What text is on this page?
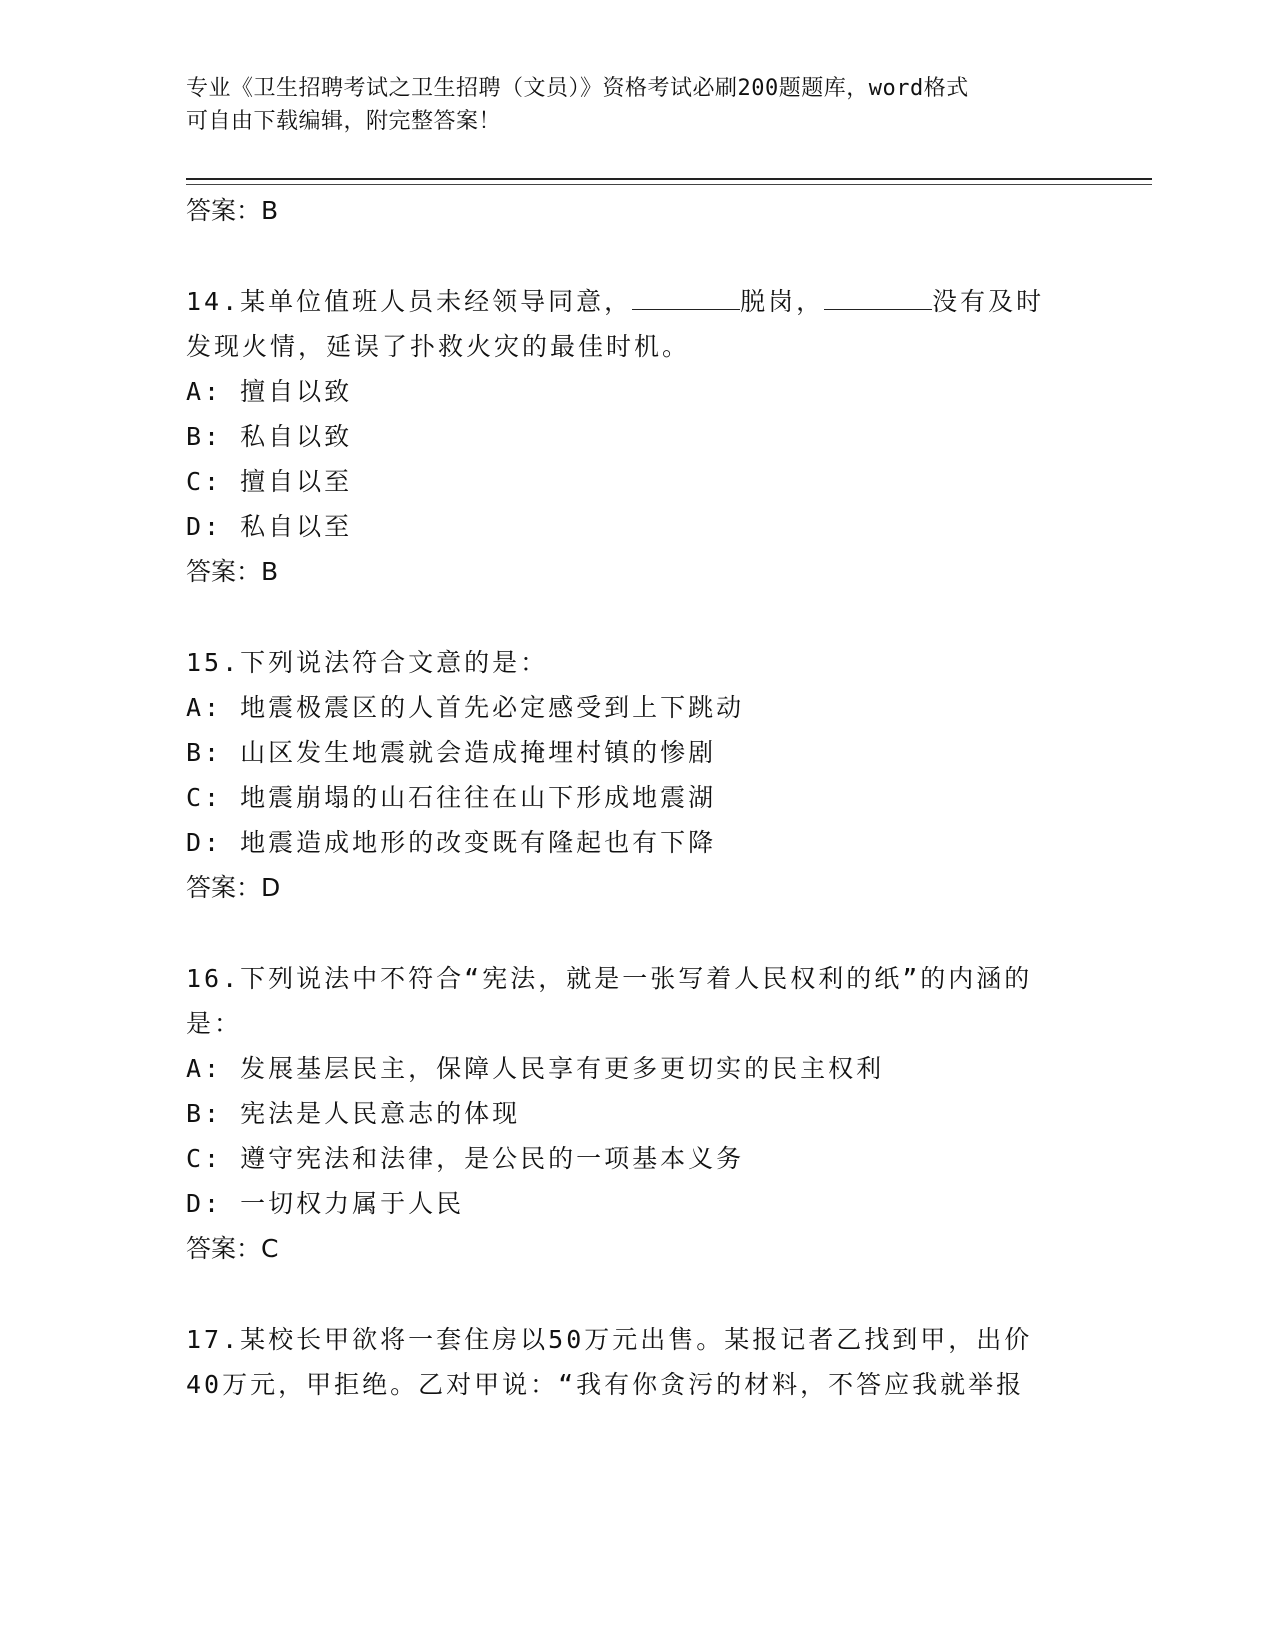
专业《卫生招聘考试之卫生招聘（文员）》资格考试必刷200题题库，word格式
可自由下载编辑，附完整答案！

答案：B

14.某单位值班人员未经领导同意，	脱岗，	没有及时

发现火情，延误了扑救火灾的最佳时机。

A: 擅自以致

B: 私自以致

C: 擅自以至

D: 私自以至

答案：B

15.下列说法符合文意的是：

A: 地震极震区的人首先必定感受到上下跳动

B: 山区发生地震就会造成掩埋村镇的惨剧

C: 地震崩塌的山石往往在山下形成地震湖

D: 地震造成地形的改变既有隆起也有下降

答案：D

16.下列说法中不符合“宪法，就是一张写着人民权利的纸”的内涵的

是：

A: 发展基层民主，保障人民享有更多更切实的民主权利

B: 宪法是人民意志的体现

C: 遵守宪法和法律，是公民的一项基本义务

D: 一切权力属于人民

答案：C

17.某校长甲欲将一套住房以50万元出售。某报记者乙找到甲，出价

40万元，甲拒绝。乙对甲说：“我有你贪污的材料，不答应我就举报
